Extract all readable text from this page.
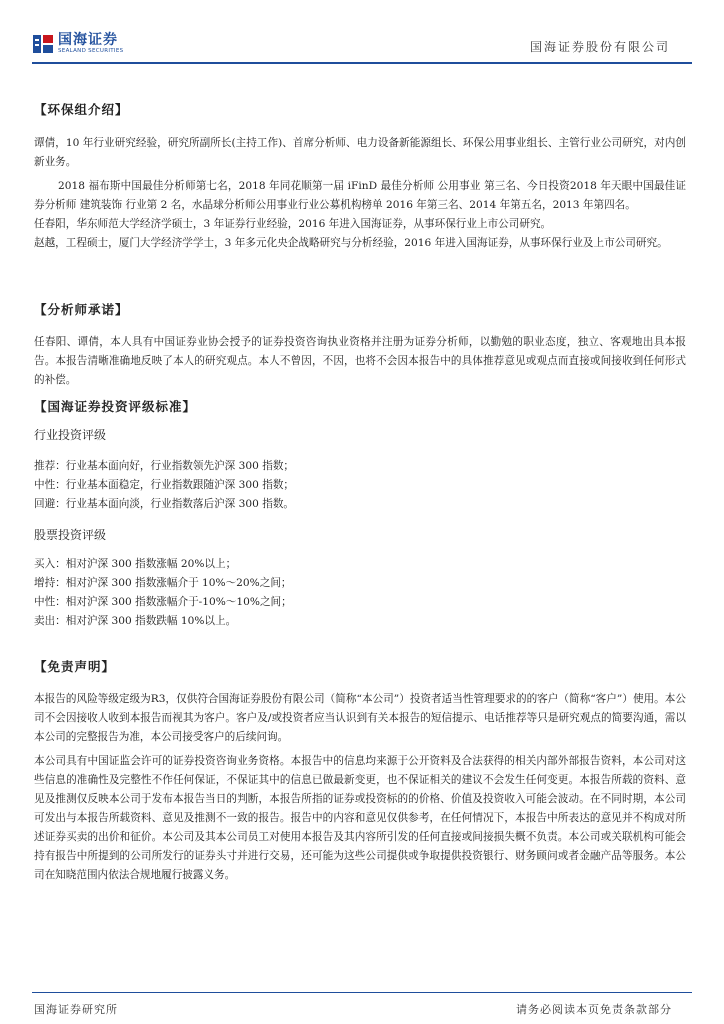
国海证券
SEALAND SECURITIES	国海证券股份有限公司

【环保组介绍】

谭倩，10 年行业研究经验，研究所副所长(主持工作)、首席分析师、电力设备新能源组长、环保公用事业组长、主管行业公司研究，对内创新业务。

2018 福布斯中国最佳分析师第七名，2018 年同花顺第一届 iFinD 最佳分析师 公用事业 第三名、今日投资2018 年天眼中国最佳证券分析师 建筑装饰 行业第 2 名，水晶球分析师公用事业行业公募机构榜单 2016 年第三名、2014 年第五名，2013 年第四名。

任春阳，华东师范大学经济学硕士，3 年证券行业经验，2016 年进入国海证券，从事环保行业上市公司研究。

赵越，工程硕士，厦门大学经济学学士，3 年多元化央企战略研究与分析经验，2016 年进入国海证券，从事环保行业及上市公司研究。

【分析师承诺】

任春阳、谭倩，本人具有中国证券业协会授予的证券投资咨询执业资格并注册为证券分析师，以勤勉的职业态度，独立、客观地出具本报告。本报告清晰准确地反映了本人的研究观点。本人不曾因，不因，也将不会因本报告中的具体推荐意见或观点而直接或间接收到任何形式的补偿。

【国海证券投资评级标准】

行业投资评级

推荐：行业基本面向好，行业指数领先沪深 300 指数；

中性：行业基本面稳定，行业指数跟随沪深 300 指数；

回避：行业基本面向淡，行业指数落后沪深 300 指数。

股票投资评级

买入：相对沪深 300 指数涨幅 20%以上；

增持：相对沪深 300 指数涨幅介于 10%～20%之间；

中性：相对沪深 300 指数涨幅介于-10%～10%之间；

卖出：相对沪深 300 指数跌幅 10%以上。

【免责声明】

本报告的风险等级定级为R3，仅供符合国海证券股份有限公司（简称“本公司”）投资者适当性管理要求的的客户（简称“客户”）使用。本公司不会因接收人收到本报告而视其为客户。客户及/或投资者应当认识到有关本报告的短信提示、电话推荐等只是研究观点的简要沟通，需以本公司的完整报告为准，本公司接受客户的后续问询。

本公司具有中国证监会许可的证券投资咨询业务资格。本报告中的信息均来源于公开资料及合法获得的相关内部外部报告资料，本公司对这些信息的准确性及完整性不作任何保证，不保证其中的信息已做最新变更，也不保证相关的建议不会发生任何变更。本报告所载的资料、意见及推测仅反映本公司于发布本报告当日的判断，本报告所指的证券或投资标的的价格、价值及投资收入可能会波动。在不同时期，本公司可发出与本报告所载资料、意见及推测不一致的报告。报告中的内容和意见仅供参考，在任何情况下，本报告中所表达的意见并不构成对所述证券买卖的出价和征价。本公司及其本公司员工对使用本报告及其内容所引发的任何直接或间接损失概不负责。本公司或关联机构可能会持有报告中所提到的公司所发行的证券头寸并进行交易，还可能为这些公司提供或争取提供投资银行、财务顾问或者金融产品等服务。本公司在知晓范围内依法合规地履行披露义务。

国海证券研究所	请务必阅读本页免责条款部分
